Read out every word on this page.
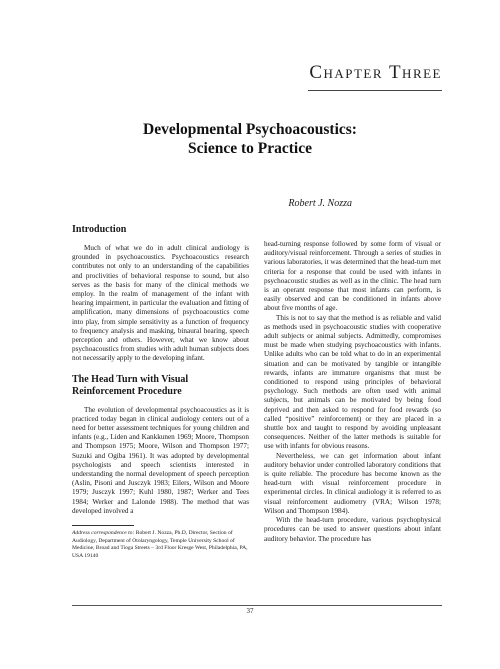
Chapter Three
Developmental Psychoacoustics:
Science to Practice
Robert J. Nozza
Introduction

Much of what we do in adult clinical audiology is grounded in psychoacoustics. Psychoacoustics research contributes not only to an understanding of the capabilities and proclivities of behavioral response to sound, but also serves as the basis for many of the clinical methods we employ. In the realm of management of the infant with hearing impairment, in particular the evaluation and fitting of amplification, many dimensions of psychoacoustics come into play, from simple sensitivity as a function of frequency to frequency analysis and masking, binaural hearing, speech perception and others. However, what we know about psychoacoustics from studies with adult human subjects does not necessarily apply to the developing infant.

The Head Turn with Visual
Reinforcement Procedure

The evolution of developmental psychoacoustics as it is practiced today began in clinical audiology centers out of a need for better assessment techniques for young children and infants (e.g., Liden and Kankkunen 1969; Moore, Thompson and Thompson 1975; Moore, Wilson and Thompson 1977; Suzuki and Ogiba 1961). It was adopted by developmental psychologists and speech scientists interested in understanding the normal development of speech perception (Aslin, Pisoni and Jusczyk 1983; Eilers, Wilson and Moore 1979; Jusczyk 1997; Kuhl 1980, 1987; Werker and Tees 1984; Werker and Lalonde 1988). The method that was developed involved a

Address correspondence to: Robert J. Nozza, Ph.D, Director, Section of Audiology, Department of Otolaryngology, Temple University School of Medicine, Broad and Tioga Streets – 3rd Floor Kresge West, Philadelphia, PA, USA 19140

head-turning response followed by some form of visual or auditory/visual reinforcement. Through a series of studies in various laboratories, it was determined that the head-turn met criteria for a response that could be used with infants in psychoacoustic studies as well as in the clinic. The head turn is an operant response that most infants can perform, is easily observed and can be conditioned in infants above about five months of age.

This is not to say that the method is as reliable and valid as methods used in psychoacoustic studies with cooperative adult subjects or animal subjects. Admittedly, compromises must be made when studying psychoacoustics with infants. Unlike adults who can be told what to do in an experimental situation and can be motivated by tangible or intangible rewards, infants are immature organisms that must be conditioned to respond using principles of behavioral psychology. Such methods are often used with animal subjects, but animals can be motivated by being food deprived and then asked to respond for food rewards (so called “positive” reinforcement) or they are placed in a shuttle box and taught to respond by avoiding unpleasant consequences. Neither of the latter methods is suitable for use with infants for obvious reasons.

Nevertheless, we can get information about infant auditory behavior under controlled laboratory conditions that is quite reliable. The procedure has become known as the head-turn with visual reinforcement procedure in experimental circles. In clinical audiology it is referred to as visual reinforcement audiometry (VRA; Wilson 1978; Wilson and Thompson 1984).

With the head-turn procedure, various psychophysical procedures can be used to answer questions about infant auditory behavior. The procedure has

37
